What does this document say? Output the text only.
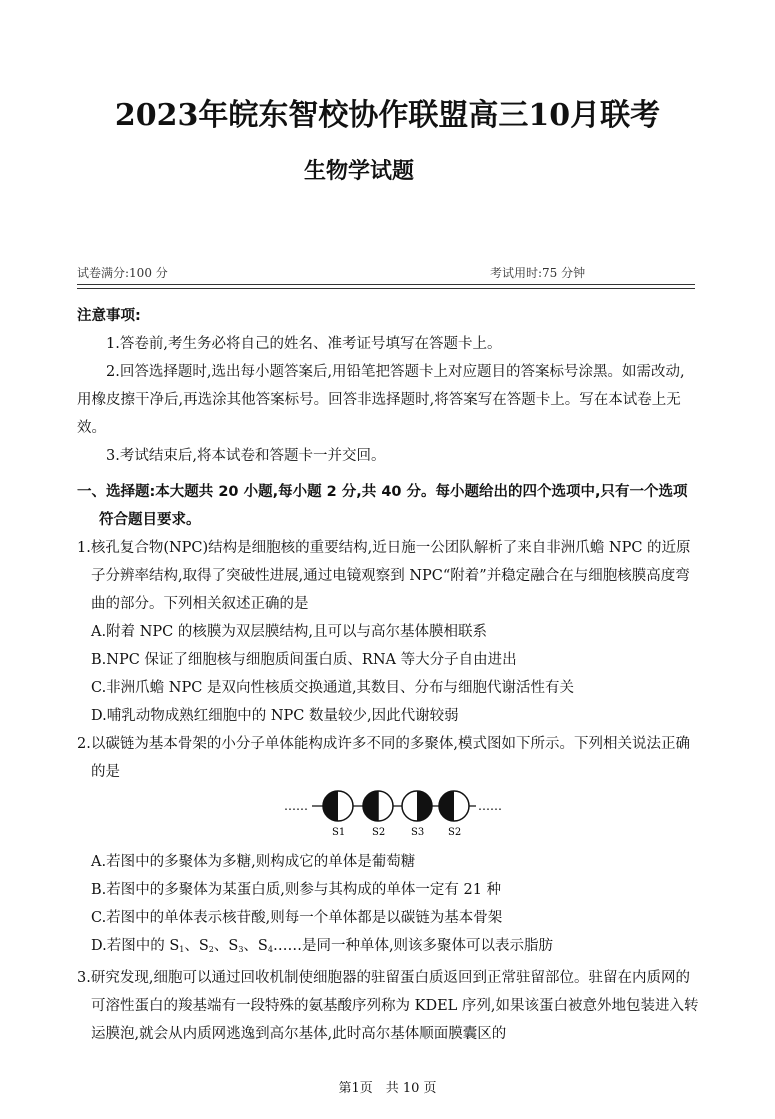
2023年皖东智校协作联盟高三10月联考
生物学试题
试卷满分:100 分	考试用时:75 分钟

注意事项:

1.答卷前,考生务必将自己的姓名、准考证号填写在答题卡上。

2.回答选择题时,选出每小题答案后,用铅笔把答题卡上对应题目的答案标号涂黑。如需改动,用橡皮擦干净后,再选涂其他答案标号。回答非选择题时,将答案写在答题卡上。写在本试卷上无效。

3.考试结束后,将本试卷和答题卡一并交回。

一、选择题:本大题共 20 小题,每小题 2 分,共 40 分。每小题给出的四个选项中,只有一个选项符合题目要求。

1.核孔复合物(NPC)结构是细胞核的重要结构,近日施一公团队解析了来自非洲爪蟾 NPC 的近原子分辨率结构,取得了突破性进展,通过电镜观察到 NPC“附着”并稳定融合在与细胞核膜高度弯曲的部分。下列相关叙述正确的是

A.附着 NPC 的核膜为双层膜结构,且可以与高尔基体膜相联系

B.NPC 保证了细胞核与细胞质间蛋白质、RNA 等大分子自由进出

C.非洲爪蟾 NPC 是双向性核质交换通道,其数目、分布与细胞代谢活性有关

D.哺乳动物成熟红细胞中的 NPC 数量较少,因此代谢较弱

2.以碳链为基本骨架的小分子单体能构成许多不同的多聚体,模式图如下所示。下列相关说法正确的是

A.若图中的多聚体为多糖,则构成它的单体是葡萄糖

B.若图中的多聚体为某蛋白质,则参与其构成的单体一定有 21 种

C.若图中的单体表示核苷酸,则每一个单体都是以碳链为基本骨架

D.若图中的 $S_1$、$S_2$、$S_3$、$S_4\dots\dots$是同一种单体,则该多聚体可以表示脂肪

3.研究发现,细胞可以通过回收机制使细胞器的驻留蛋白质返回到正常驻留部位。驻留在内质网的可溶性蛋白的羧基端有一段特殊的氨基酸序列称为 KDEL 序列,如果该蛋白被意外地包装进入转运膜泡,就会从内质网逃逸到高尔基体,此时高尔基体顺面膜囊区的

……	……
S1	S2	S3 S2
第1页　共 10 页
